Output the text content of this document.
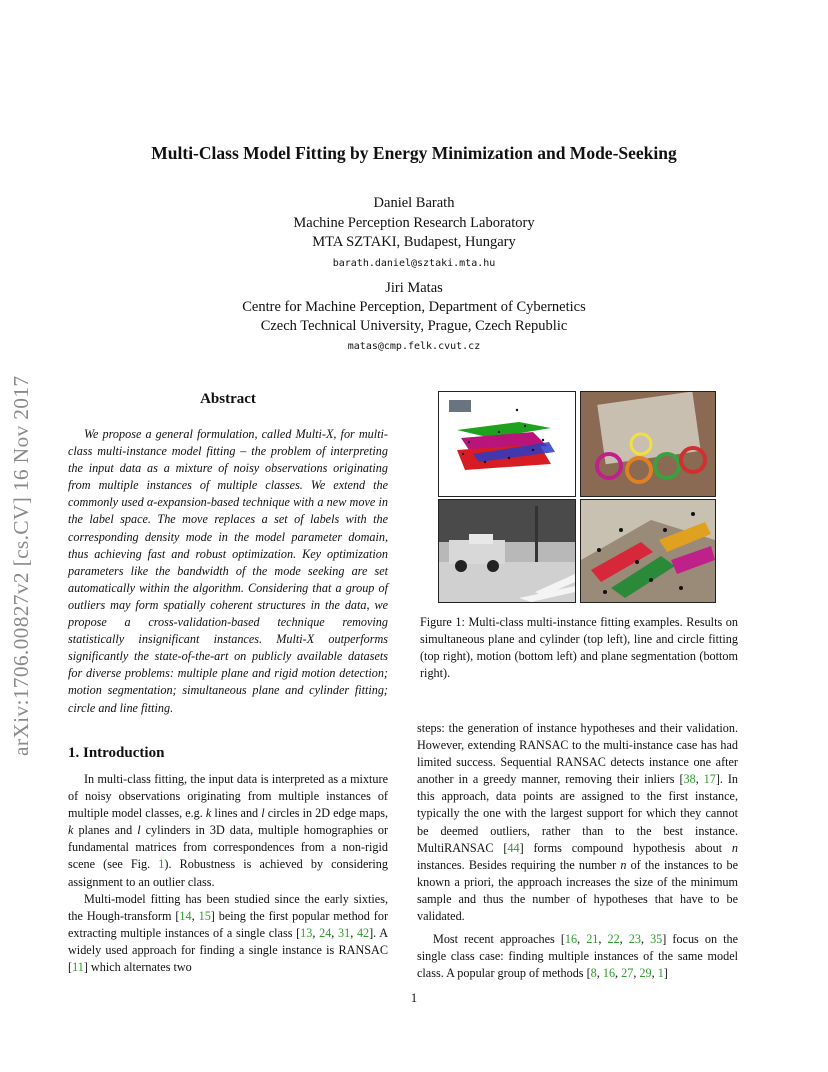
arXiv:1706.00827v2 [cs.CV] 16 Nov 2017
Multi-Class Model Fitting by Energy Minimization and Mode-Seeking
Daniel Barath
Machine Perception Research Laboratory
MTA SZTAKI, Budapest, Hungary
barath.daniel@sztaki.mta.hu
Jiri Matas
Centre for Machine Perception, Department of Cybernetics
Czech Technical University, Prague, Czech Republic
matas@cmp.felk.cvut.cz
Abstract
We propose a general formulation, called Multi-X, for multi-class multi-instance model fitting – the problem of interpreting the input data as a mixture of noisy observations originating from multiple instances of multiple classes. We extend the commonly used α-expansion-based technique with a new move in the label space. The move replaces a set of labels with the corresponding density mode in the model parameter domain, thus achieving fast and robust optimization. Key optimization parameters like the bandwidth of the mode seeking are set automatically within the algorithm. Considering that a group of outliers may form spatially coherent structures in the data, we propose a cross-validation-based technique removing statistically insignificant instances. Multi-X outperforms significantly the state-of-the-art on publicly available datasets for diverse problems: multiple plane and rigid motion detection; motion segmentation; simultaneous plane and cylinder fitting; circle and line fitting.
1. Introduction

In multi-class fitting, the input data is interpreted as a mixture of noisy observations originating from multiple instances of multiple model classes, e.g. k lines and l circles in 2D edge maps, k planes and l cylinders in 3D data, multiple homographies or fundamental matrices from correspondences from a non-rigid scene (see Fig. 1). Robustness is achieved by considering assignment to an outlier class.

Multi-model fitting has been studied since the early sixties, the Hough-transform [14, 15] being the first popular method for extracting multiple instances of a single class [13, 24, 31, 42]. A widely used approach for finding a single instance is RANSAC [11] which alternates two

steps: the generation of instance hypotheses and their validation. However, extending RANSAC to the multi-instance case has had limited success. Sequential RANSAC detects instance one after another in a greedy manner, removing their inliers [38, 17]. In this approach, data points are assigned to the first instance, typically the one with the largest support for which they cannot be deemed outliers, rather than to the best instance. MultiRANSAC [44] forms compound hypothesis about n instances. Besides requiring the number n of the instances to be known a priori, the approach increases the size of the minimum sample and thus the number of hypotheses that have to be validated.

Most recent approaches [16, 21, 22, 23, 35] focus on the single class case: finding multiple instances of the same model class. A popular group of methods [8, 16, 27, 29, 1]

Figure 1: Multi-class multi-instance fitting examples. Results on simultaneous plane and cylinder (top left), line and circle fitting (top right), motion (bottom left) and plane segmentation (bottom right).
1
